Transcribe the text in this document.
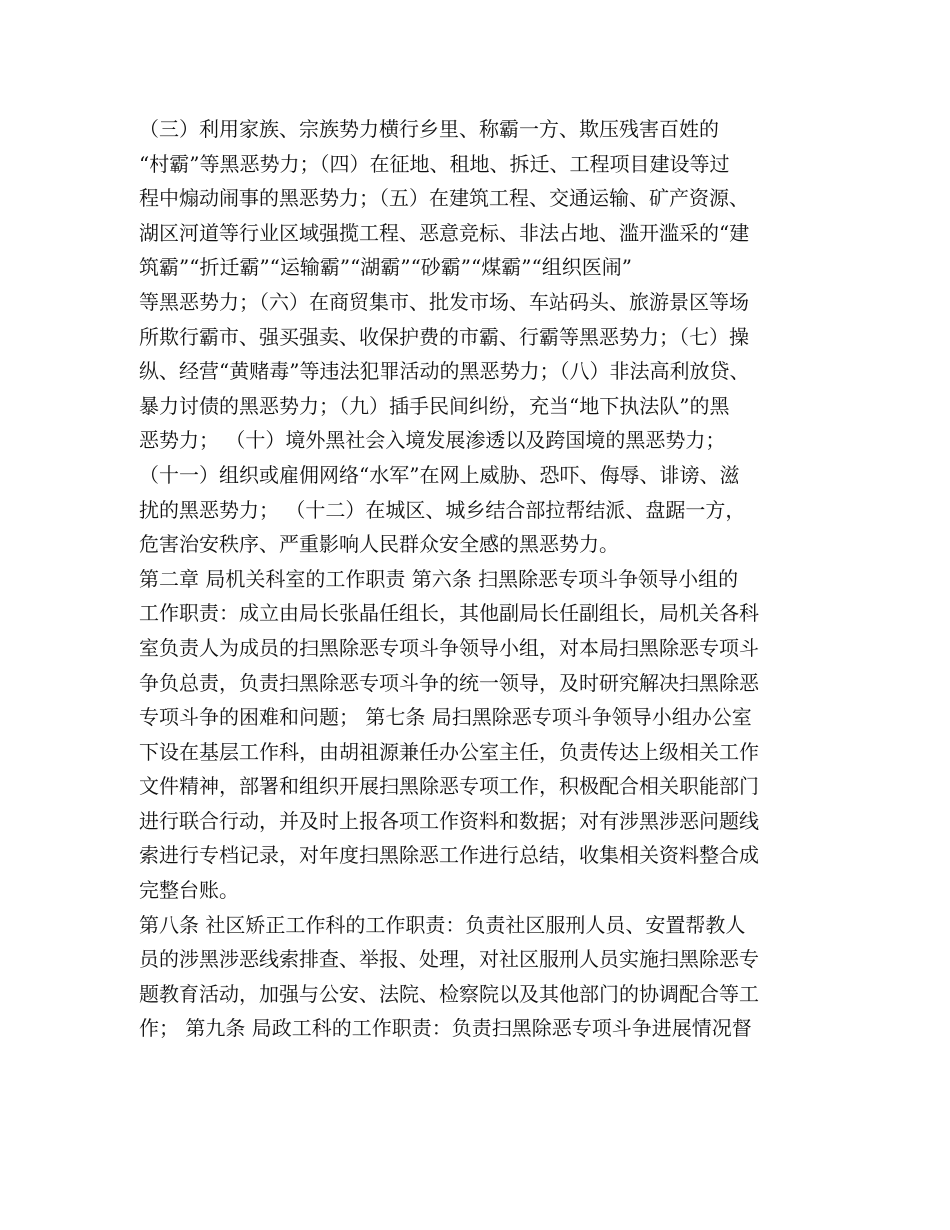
（三）利用家族、宗族势力横行乡里、称霸一方、欺压残害百姓的
“村霸”等黑恶势力；（四）在征地、租地、拆迁、工程项目建设等过
程中煽动闹事的黑恶势力；（五）在建筑工程、交通运输、矿产资源、
湖区河道等行业区域强揽工程、恶意竞标、非法占地、滥开滥采的“建
筑霸”“折迁霸”“运输霸”“湖霸”“砂霸”“煤霸”“组织医闹”
等黑恶势力；（六）在商贸集市、批发市场、车站码头、旅游景区等场
所欺行霸市、强买强卖、收保护费的市霸、行霸等黑恶势力；（七）操
纵、经营“黄赌毒”等违法犯罪活动的黑恶势力；（八）非法高利放贷、
暴力讨债的黑恶势力；（九）插手民间纠纷，充当“地下执法队”的黑
恶势力； （十）境外黑社会入境发展渗透以及跨国境的黑恶势力；
（十一）组织或雇佣网络“水军”在网上威胁、恐吓、侮辱、诽谤、滋
扰的黑恶势力； （十二）在城区、城乡结合部拉帮结派、盘踞一方，
危害治安秩序、严重影响人民群众安全感的黑恶势力。
第二章 局机关科室的工作职责 第六条 扫黑除恶专项斗争领导小组的
工作职责：成立由局长张晶任组长，其他副局长任副组长，局机关各科
室负责人为成员的扫黑除恶专项斗争领导小组，对本局扫黑除恶专项斗
争负总责，负责扫黑除恶专项斗争的统一领导，及时研究解决扫黑除恶
专项斗争的困难和问题； 第七条 局扫黑除恶专项斗争领导小组办公室
下设在基层工作科，由胡祖源兼任办公室主任，负责传达上级相关工作
文件精神，部署和组织开展扫黑除恶专项工作，积极配合相关职能部门
进行联合行动，并及时上报各项工作资料和数据；对有涉黑涉恶问题线
索进行专档记录，对年度扫黑除恶工作进行总结，收集相关资料整合成
完整台账。
第八条 社区矫正工作科的工作职责：负责社区服刑人员、安置帮教人
员的涉黑涉恶线索排查、举报、处理，对社区服刑人员实施扫黑除恶专
题教育活动，加强与公安、法院、检察院以及其他部门的协调配合等工
作； 第九条 局政工科的工作职责：负责扫黑除恶专项斗争进展情况督
